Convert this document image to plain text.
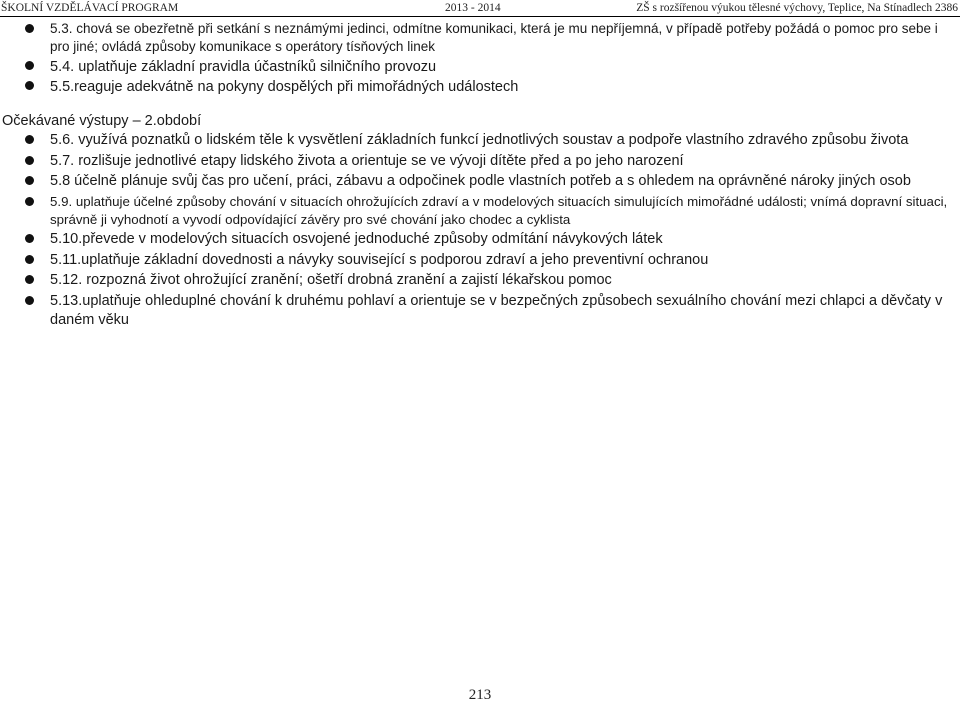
ŠKOLNÍ VZDĚLÁVACÍ PROGRAM	2013 - 2014	ZŠ s rozšířenou výukou tělesné výchovy, Teplice, Na Stínadlech 2386
5.3. chová se obezřetně při setkání s neznámými jedinci, odmítne komunikaci, která je mu nepříjemná, v případě potřeby požádá o pomoc pro sebe i pro jiné; ovládá způsoby komunikace s operátory tísňových linek
5.4. uplatňuje základní pravidla účastníků silničního provozu
5.5.reaguje adekvátně na pokyny dospělých při mimořádných událostech
Očekávané výstupy – 2.období
5.6. využívá poznatků o lidském těle k vysvětlení základních funkcí jednotlivých soustav a podpoře vlastního zdravého způsobu života
5.7. rozlišuje jednotlivé etapy lidského života a orientuje se ve vývoji dítěte před a po jeho narození
5.8 účelně plánuje svůj čas pro učení, práci, zábavu a odpočinek podle vlastních potřeb a s ohledem na oprávněné nároky jiných osob
5.9. uplatňuje účelné způsoby chování v situacích ohrožujících zdraví a v modelových situacích simulujících mimořádné události; vnímá dopravní situaci, správně ji vyhodnotí a vyvodí odpovídající závěry pro své chování jako chodec a cyklista
5.10.převede v modelových situacích osvojené jednoduché způsoby odmítání návykových látek
5.11.uplatňuje základní dovednosti a návyky související s podporou zdraví a jeho preventivní ochranou
5.12. rozpozná život ohrožující zranění; ošetří drobná zranění a zajistí lékařskou pomoc
5.13.uplatňuje ohleduplné chování k druhému pohlaví a orientuje se v bezpečných způsobech sexuálního chování mezi chlapci a děvčaty v daném věku
213
